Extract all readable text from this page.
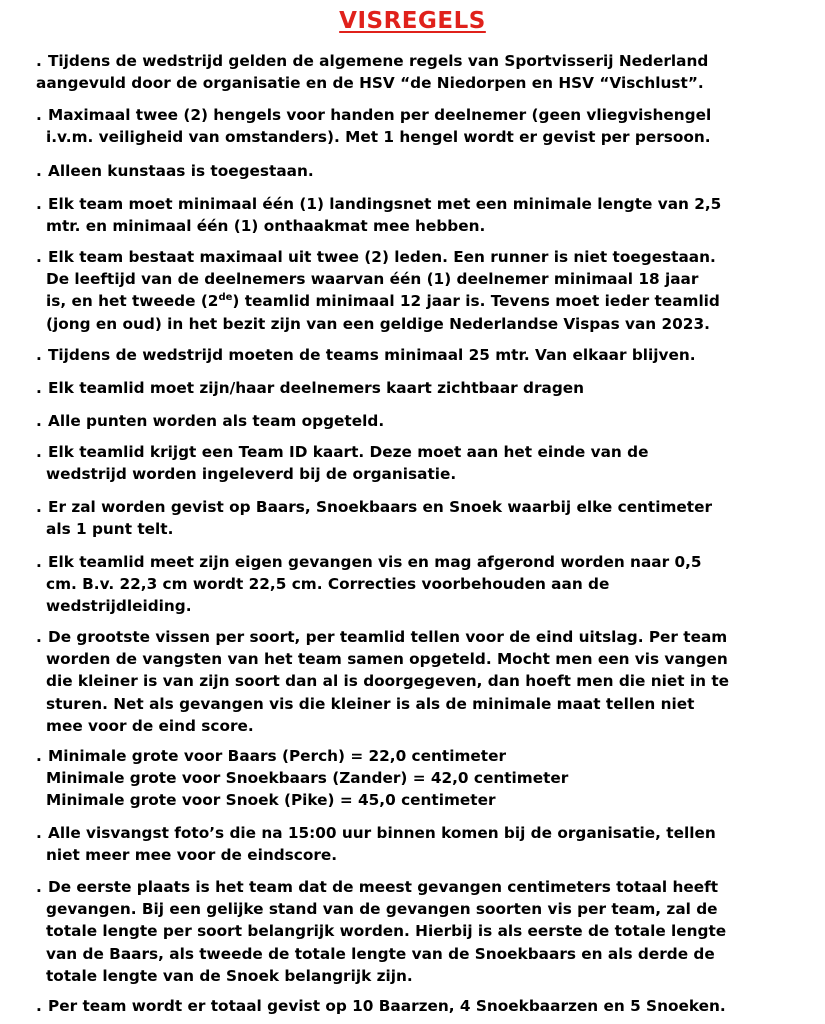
VISREGELS
. Tijdens de wedstrijd gelden de algemene regels van Sportvisserij Nederland
aangevuld door de organisatie en de HSV “de Niedorpen en HSV “Vischlust”.
. Maximaal twee (2) hengels voor handen per deelnemer (geen vliegvishengel
i.v.m. veiligheid van omstanders). Met 1 hengel wordt er gevist per persoon.
. Alleen kunstaas is toegestaan.
. Elk team moet minimaal één (1) landingsnet met een minimale lengte van 2,5
mtr. en minimaal één (1) onthaakmat mee hebben.
. Elk team bestaat maximaal uit twee (2) leden. Een runner is niet toegestaan.
De leeftijd van de deelnemers waarvan één (1) deelnemer minimaal 18 jaar
is, en het tweede (2de) teamlid minimaal 12 jaar is. Tevens moet ieder teamlid
(jong en oud) in het bezit zijn van een geldige Nederlandse Vispas van 2023.
. Tijdens de wedstrijd moeten de teams minimaal 25 mtr. Van elkaar blijven.
. Elk teamlid moet zijn/haar deelnemers kaart zichtbaar dragen
. Alle punten worden als team opgeteld.
. Elk teamlid krijgt een Team ID kaart. Deze moet aan het einde van de
wedstrijd worden ingeleverd bij de organisatie.
. Er zal worden gevist op Baars, Snoekbaars en Snoek waarbij elke centimeter
als 1 punt telt.
. Elk teamlid meet zijn eigen gevangen vis en mag afgerond worden naar 0,5
cm. B.v. 22,3 cm wordt 22,5 cm. Correcties voorbehouden aan de
wedstrijdleiding.
. De grootste vissen per soort, per teamlid tellen voor de eind uitslag. Per team
worden de vangsten van het team samen opgeteld. Mocht men een vis vangen
die kleiner is van zijn soort dan al is doorgegeven, dan hoeft men die niet in te
sturen. Net als gevangen vis die kleiner is als de minimale maat tellen niet
mee voor de eind score.
. Minimale grote voor Baars (Perch) = 22,0 centimeter
Minimale grote voor Snoekbaars (Zander) = 42,0 centimeter
Minimale grote voor Snoek (Pike) = 45,0 centimeter
. Alle visvangst foto’s die na 15:00 uur binnen komen bij de organisatie, tellen
niet meer mee voor de eindscore.
. De eerste plaats is het team dat de meest gevangen centimeters totaal heeft
gevangen. Bij een gelijke stand van de gevangen soorten vis per team, zal de
totale lengte per soort belangrijk worden. Hierbij is als eerste de totale lengte
van de Baars, als tweede de totale lengte van de Snoekbaars en als derde de
totale lengte van de Snoek belangrijk zijn.
. Per team wordt er totaal gevist op 10 Baarzen, 4 Snoekbaarzen en 5 Snoeken.
